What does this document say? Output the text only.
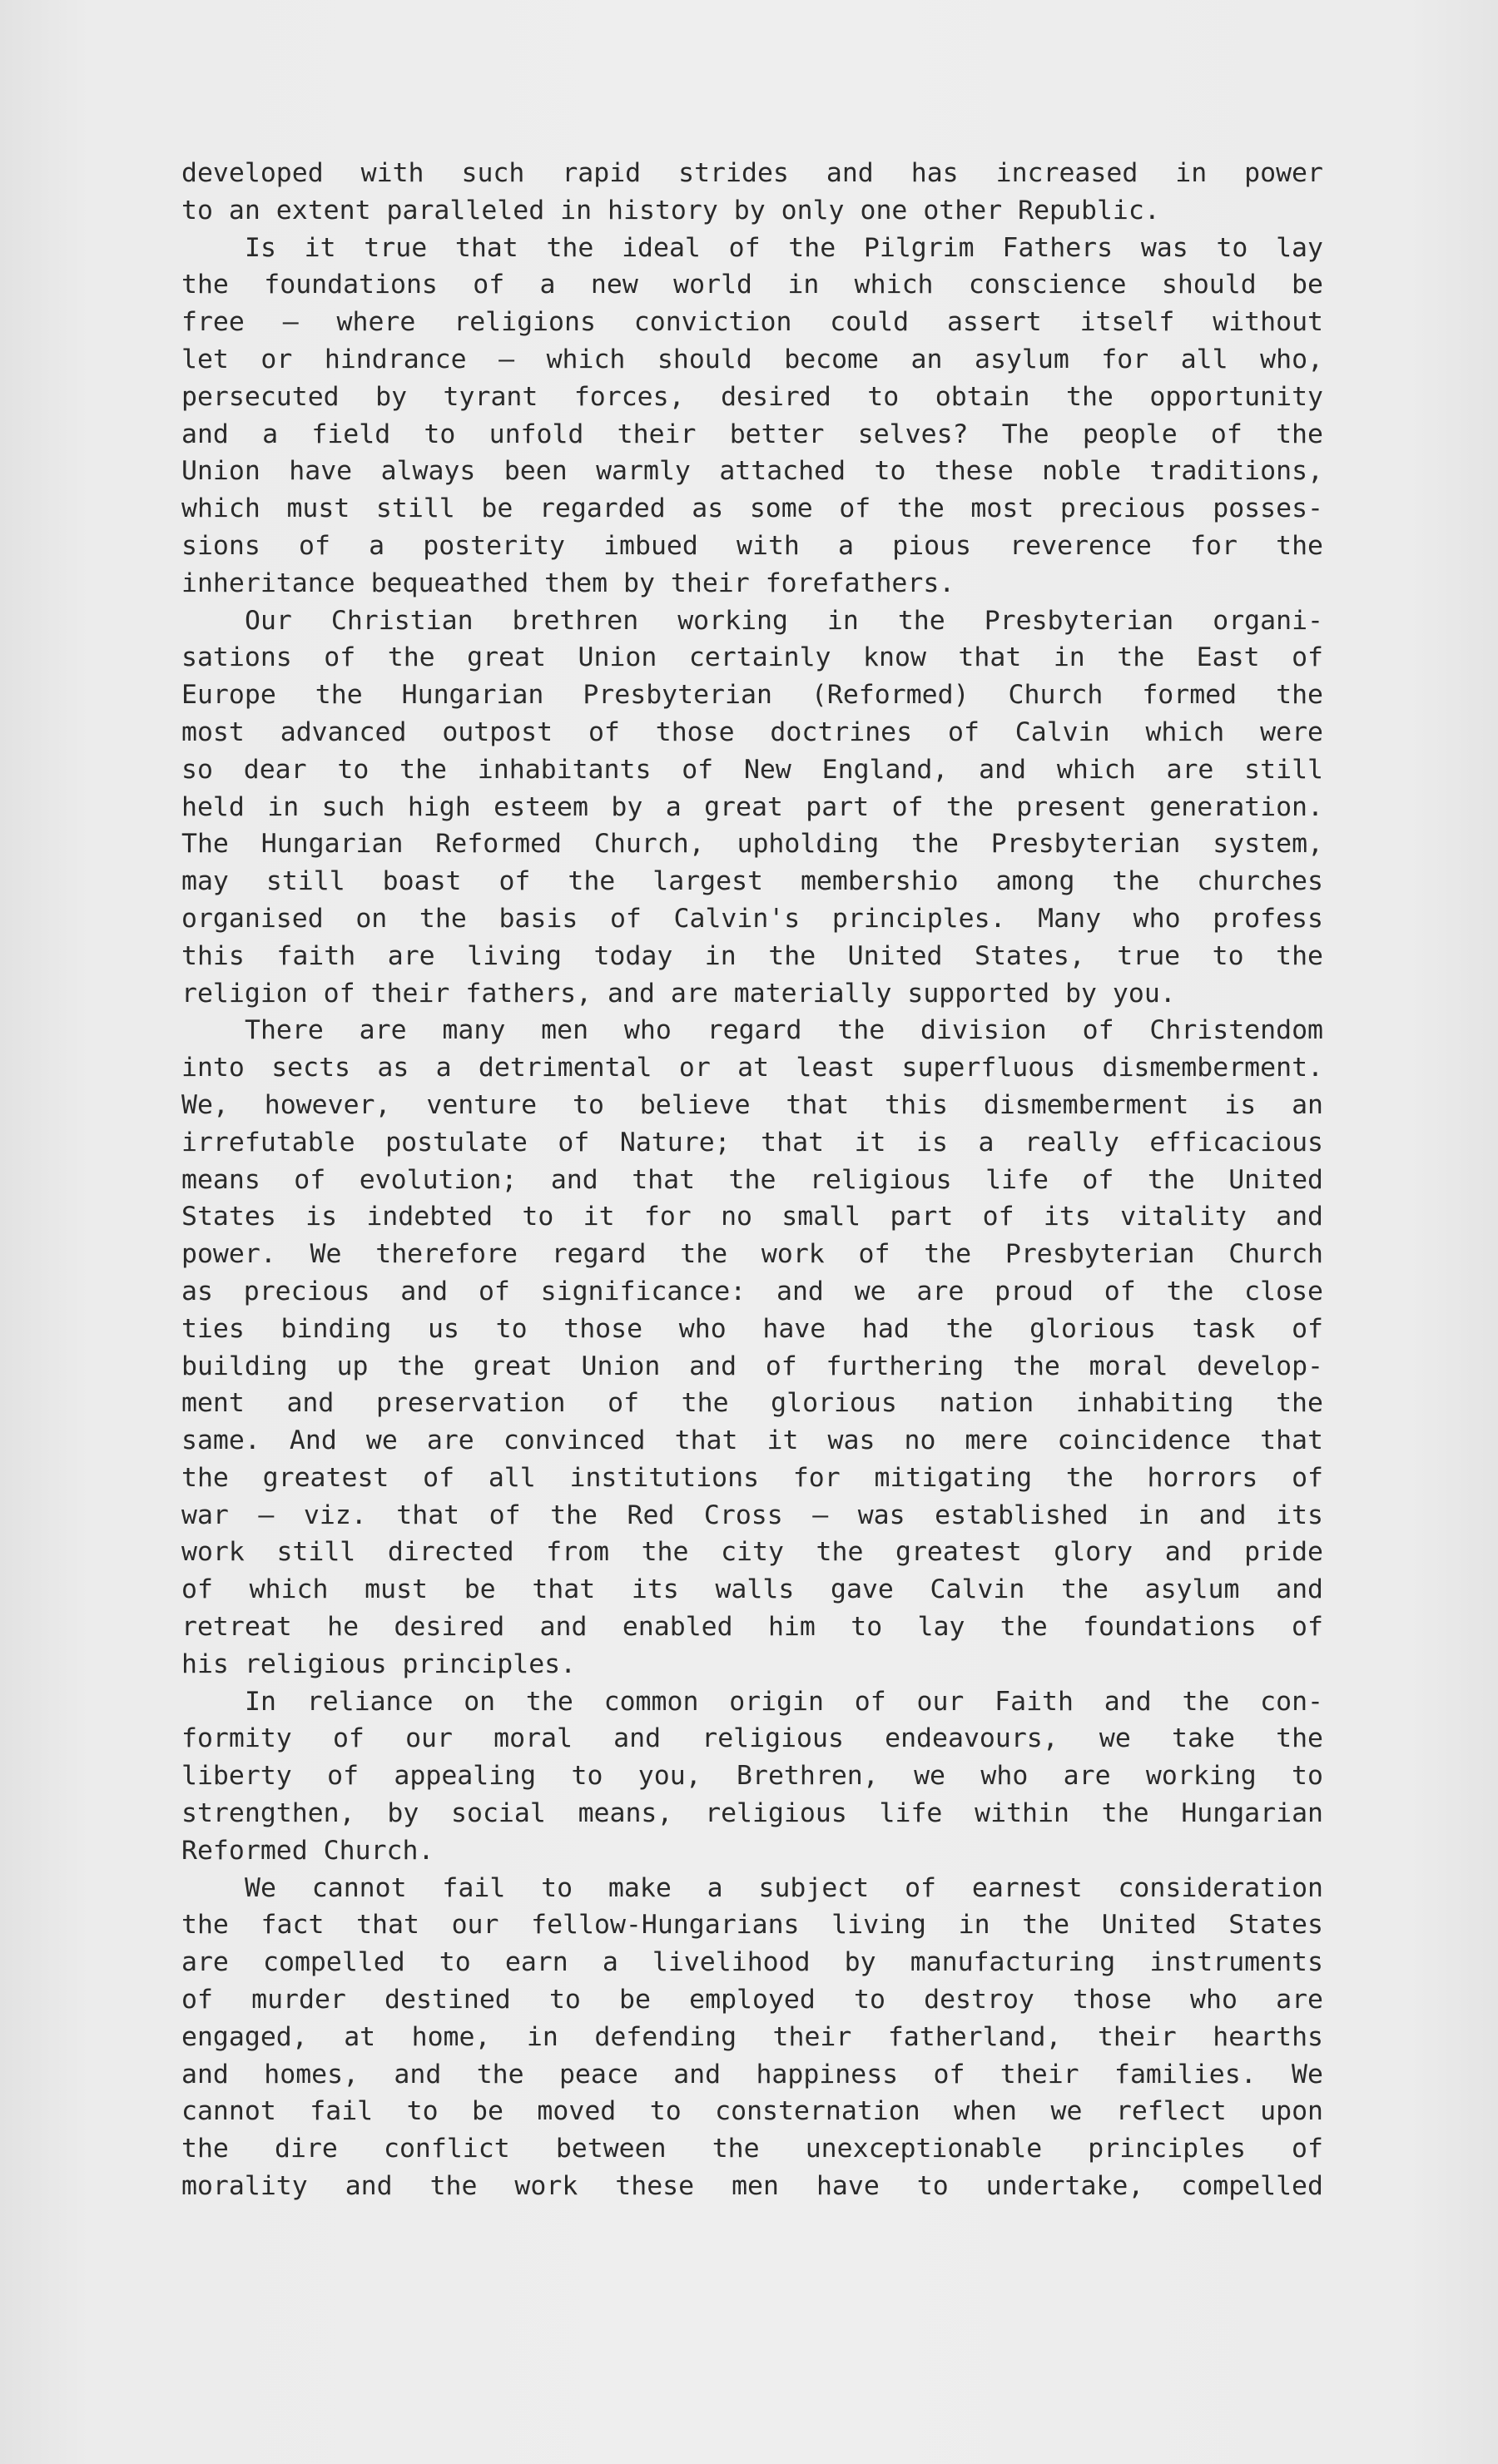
developed with such rapid strides and has increased in power
to an extent paralleled in history by only one other Republic.
Is it true that the ideal of the Pilgrim Fathers was to lay
the foundations of a new world in which conscience should be
free — where religions conviction could assert itself without
let or hindrance — which should become an asylum for all who,
persecuted by tyrant forces, desired to obtain the opportunity
and a field to unfold their better selves? The people of the
Union have always been warmly attached to these noble traditions,
which must still be regarded as some of the most precious posses-
sions of a posterity imbued with a pious reverence for the
inheritance bequeathed them by their forefathers.
Our Christian brethren working in the Presbyterian organi-
sations of the great Union certainly know that in the East of
Europe the Hungarian Presbyterian (Reformed) Church formed the
most advanced outpost of those doctrines of Calvin which were
so dear to the inhabitants of New England, and which are still
held in such high esteem by a great part of the present generation.
The Hungarian Reformed Church, upholding the Presbyterian system,
may still boast of the largest membershio among the churches
organised on the basis of Calvin's principles. Many who profess
this faith are living today in the United States, true to the
religion of their fathers, and are materially supported by you.
There are many men who regard the division of Christendom
into sects as a detrimental or at least superfluous dismemberment.
We, however, venture to believe that this dismemberment is an
irrefutable postulate of Nature; that it is a really efficacious
means of evolution; and that the religious life of the United
States is indebted to it for no small part of its vitality and
power. We therefore regard the work of the Presbyterian Church
as precious and of significance: and we are proud of the close
ties binding us to those who have had the glorious task of
building up the great Union and of furthering the moral develop-
ment and preservation of the glorious nation inhabiting the
same. And we are convinced that it was no mere coincidence that
the greatest of all institutions for mitigating the horrors of
war — viz. that of the Red Cross — was established in and its
work still directed from the city the greatest glory and pride
of which must be that its walls gave Calvin the asylum and
retreat he desired and enabled him to lay the foundations of
his religious principles.
In reliance on the common origin of our Faith and the con-
formity of our moral and religious endeavours, we take the
liberty of appealing to you, Brethren, we who are working to
strengthen, by social means, religious life within the Hungarian
Reformed Church.
We cannot fail to make a subject of earnest consideration
the fact that our fellow-Hungarians living in the United States
are compelled to earn a livelihood by manufacturing instruments
of murder destined to be employed to destroy those who are
engaged, at home, in defending their fatherland, their hearths
and homes, and the peace and happiness of their families. We
cannot fail to be moved to consternation when we reflect upon
the dire conflict between the unexceptionable principles of
morality and the work these men have to undertake, compelled
